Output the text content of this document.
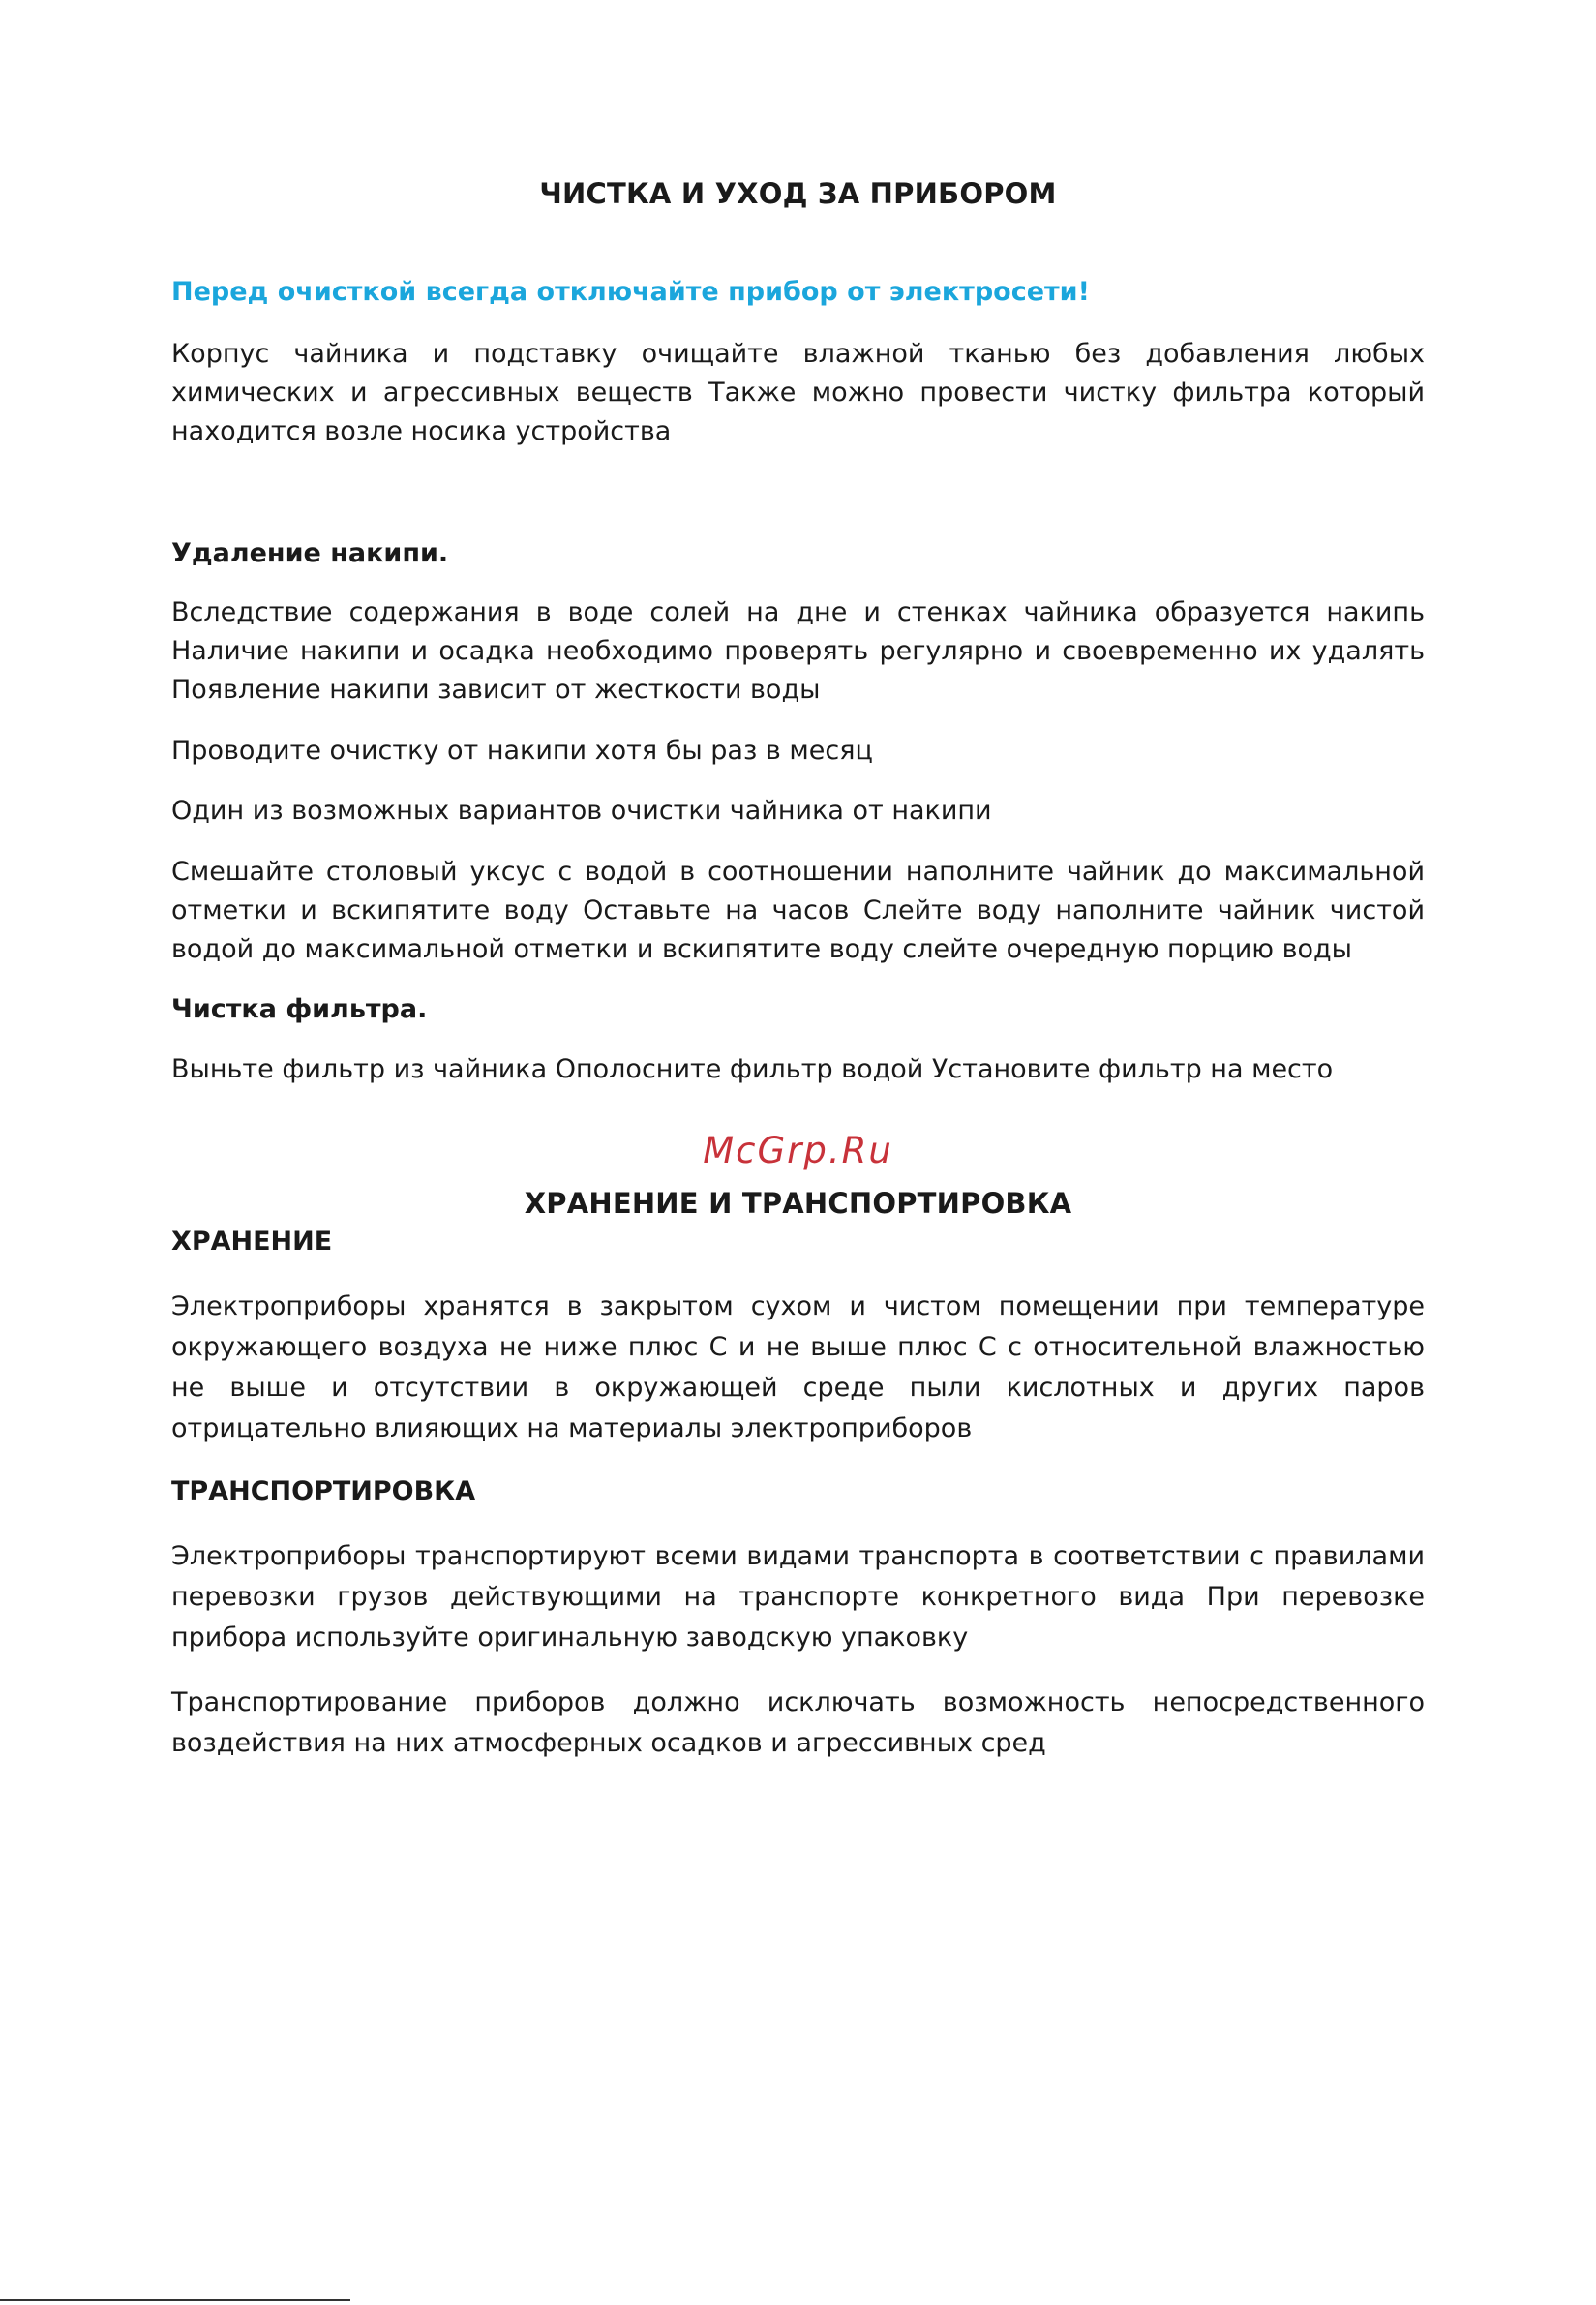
ЧИСТКА И УХОД ЗА ПРИБОРОМ
Перед очисткой всегда отключайте прибор от электросети!

Корпус чайника и подставку очищайте влажной тканью без добавления любых химических и агрессивных веществ Также можно провести чистку фильтра который находится возле носика устройства

Удаление накипи.

Вследствие содержания в воде солей на дне и стенках чайника образуется накипь Наличие накипи и осадка необходимо проверять регулярно и своевременно их удалять Появление накипи зависит от жесткости воды

Проводите очистку от накипи хотя бы раз в месяц

Один из возможных вариантов очистки чайника от накипи

Смешайте столовый уксус с водой в соотношении наполните чайник до максимальной отметки и вскипятите воду Оставьте на часов Слейте воду наполните чайник чистой водой до максимальной отметки и вскипятите воду слейте очередную порцию воды

Чистка фильтра.

Выньте фильтр из чайника Ополосните фильтр водой Установите фильтр на место

McGrp.Ru
ХРАНЕНИЕ И ТРАНСПОРТИРОВКА

ХРАНЕНИЕ

Электроприборы хранятся в закрытом сухом и чистом помещении при температуре окружающего воздуха не ниже плюс С и не выше плюс С с относительной влажностью не выше и отсутствии в окружающей среде пыли кислотных и других паров отрицательно влияющих на материалы электроприборов

ТРАНСПОРТИРОВКА

Электроприборы транспортируют всеми видами транспорта в соответствии с правилами перевозки грузов действующими на транспорте конкретного вида При перевозке прибора используйте оригинальную заводскую упаковку

Транспортирование приборов должно исключать возможность непосредственного воздействия на них атмосферных осадков и агрессивных сред
